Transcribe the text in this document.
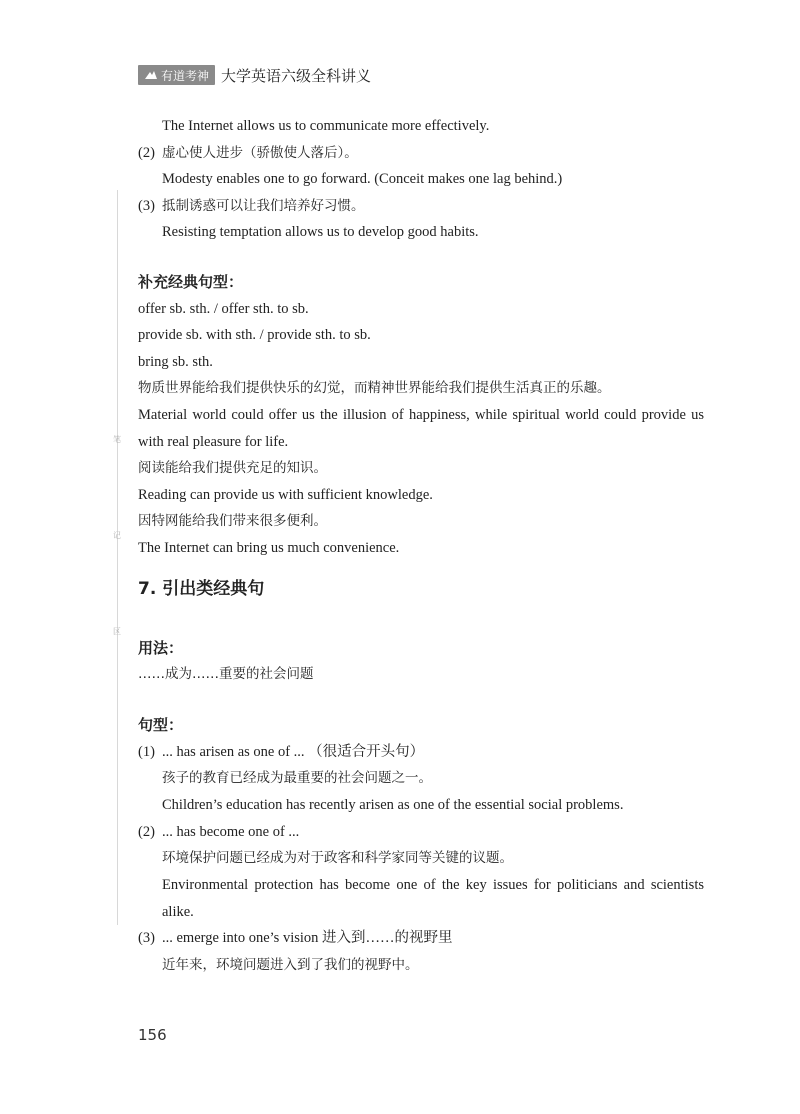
有道考神 大学英语六级全科讲义
笔
记
区
The Internet allows us to communicate more effectively.
(2) 虚心使人进步（骄傲使人落后）。
Modesty enables one to go forward. (Conceit makes one lag behind.)
(3) 抵制诱惑可以让我们培养好习惯。
Resisting temptation allows us to develop good habits.
补充经典句型：
offer sb. sth. / offer sth. to sb.
provide sb. with sth. / provide sth. to sb.
bring sb. sth.
物质世界能给我们提供快乐的幻觉，而精神世界能给我们提供生活真正的乐趣。
Material world could offer us the illusion of happiness, while spiritual world could provide us
with real pleasure for life.
阅读能给我们提供充足的知识。
Reading can provide us with sufficient knowledge.
因特网能给我们带来很多便利。
The Internet can bring us much convenience.
7. 引出类经典句
用法：
……成为……重要的社会问题
句型：
(1) ... has arisen as one of ... （很适合开头句）
孩子的教育已经成为最重要的社会问题之一。
Children’s education has recently arisen as one of the essential social problems.
(2) ... has become one of ...
环境保护问题已经成为对于政客和科学家同等关键的议题。
Environmental protection has become one of the key issues for politicians and scientists
alike.
(3) ... emerge into one’s vision 进入到……的视野里
近年来，环境问题进入到了我们的视野中。
156
